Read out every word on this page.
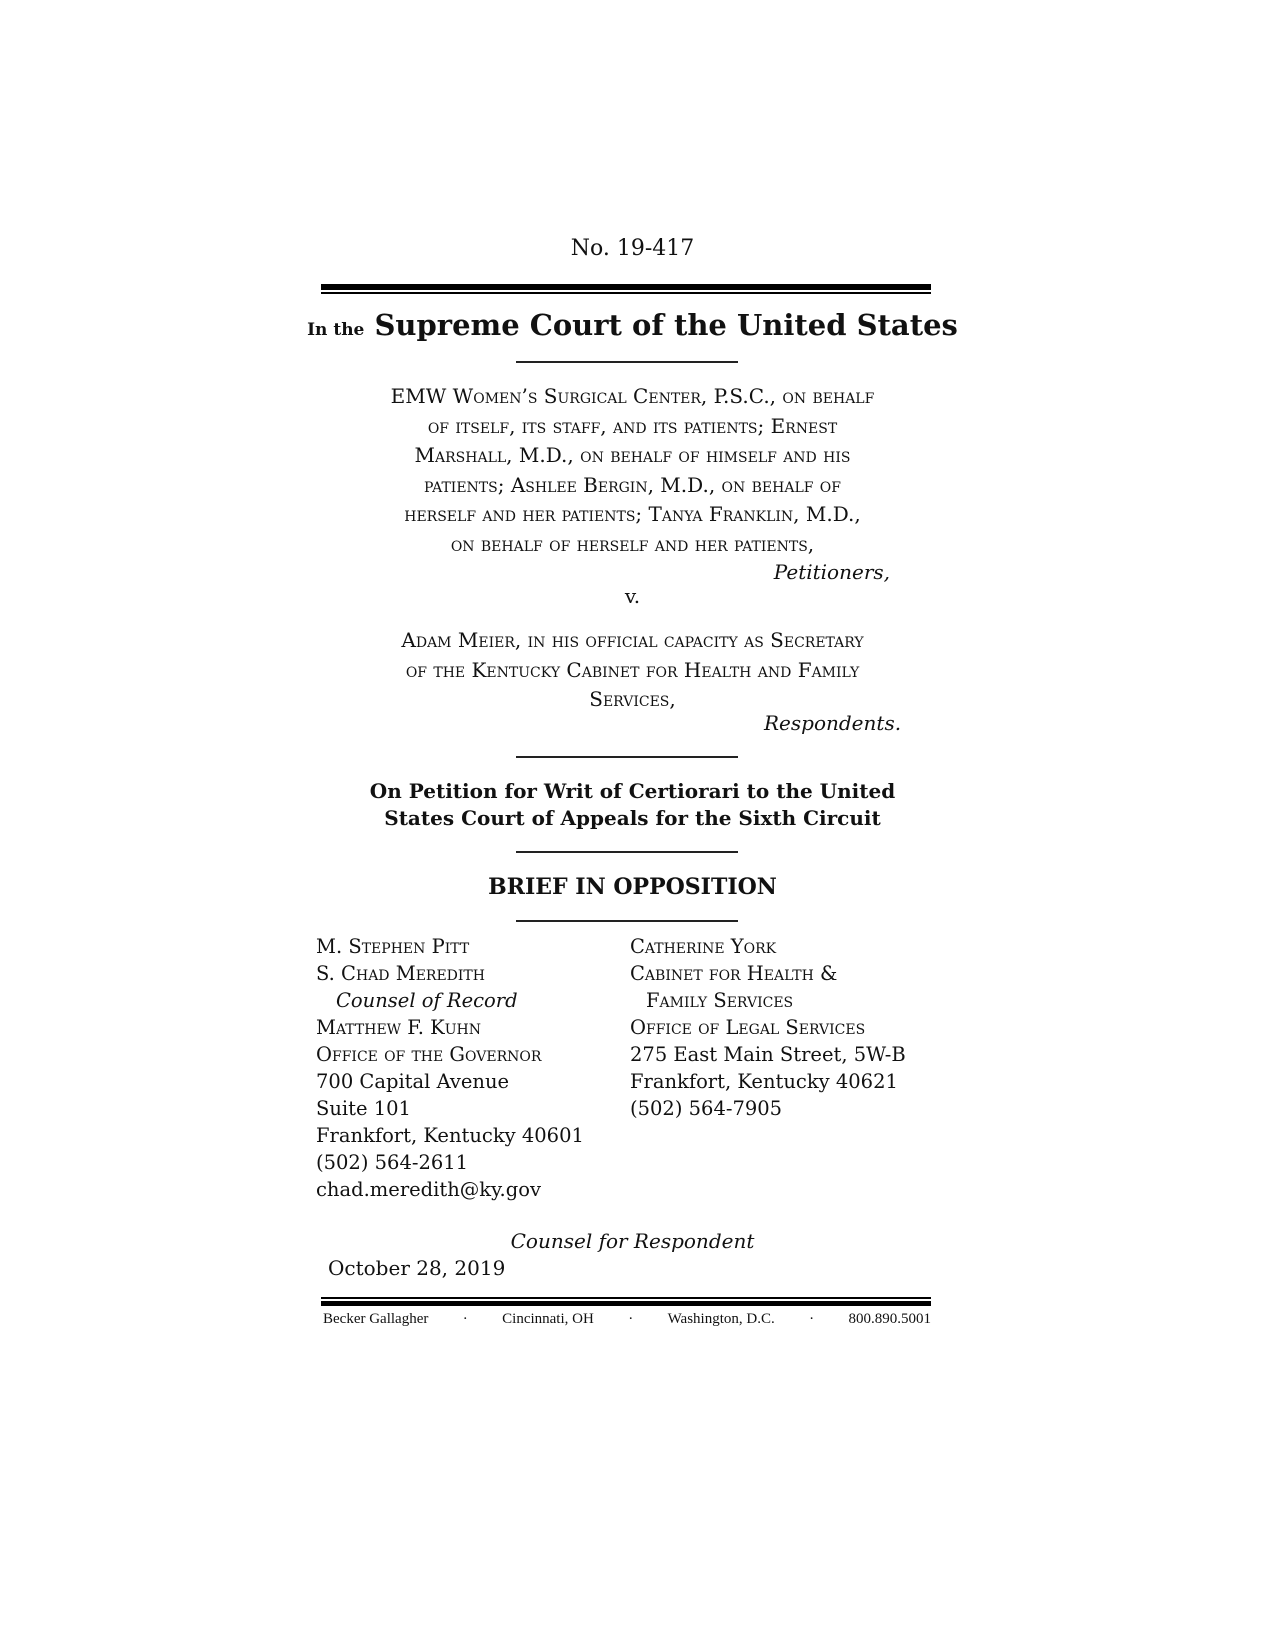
No. 19-417
In the Supreme Court of the United States
EMW Women’s Surgical Center, P.S.C., on behalf
of itself, its staff, and its patients; Ernest
Marshall, M.D., on behalf of himself and his
patients; Ashlee Bergin, M.D., on behalf of
herself and her patients; Tanya Franklin, M.D.,
on behalf of herself and her patients,
Petitioners,
v.
Adam Meier, in his official capacity as Secretary
of the Kentucky Cabinet for Health and Family
Services,
Respondents.
On Petition for Writ of Certiorari to the United
States Court of Appeals for the Sixth Circuit
BRIEF IN OPPOSITION
M. Stephen Pitt
S. Chad Meredith
Counsel of Record
Matthew F. Kuhn
Office of the Governor
700 Capital Avenue
Suite 101
Frankfort, Kentucky 40601
(502) 564-2611
chad.meredith@ky.gov
Catherine York
Cabinet for Health &
Family Services
Office of Legal Services
275 East Main Street, 5W-B
Frankfort, Kentucky 40621
(502) 564-7905
Counsel for Respondent
October 28, 2019
Becker Gallagher · Cincinnati, OH · Washington, D.C. · 800.890.5001
